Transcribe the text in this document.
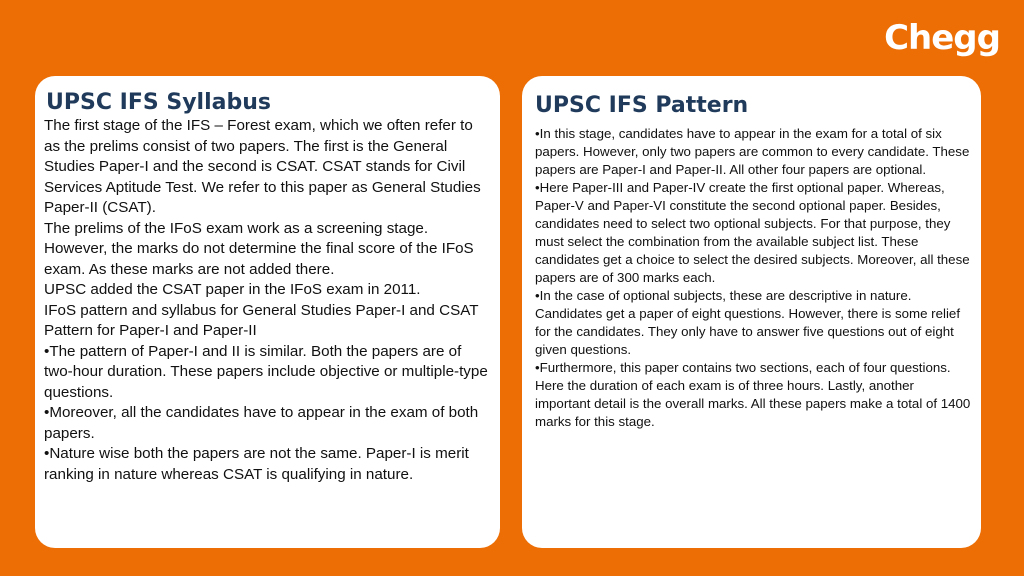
Chegg
UPSC IFS Syllabus

The first stage of the IFS – Forest exam, which we often refer to as the prelims consist of two papers. The first is the General Studies Paper-I and the second is CSAT. CSAT stands for Civil Services Aptitude Test. We refer to this paper as General Studies Paper-II (CSAT).

The prelims of the IFoS exam work as a screening stage. However, the marks do not determine the final score of the IFoS exam. As these marks are not added there.

UPSC added the CSAT paper in the IFoS exam in 2011.

IFoS pattern and syllabus for General Studies Paper-I and CSAT

Pattern for Paper-I and Paper-II

•The pattern of Paper-I and II is similar. Both the papers are of two-hour duration. These papers include objective or multiple-type questions.

•Moreover, all the candidates have to appear in the exam of both papers.

•Nature wise both the papers are not the same. Paper-I is merit ranking in nature whereas CSAT is qualifying in nature.

UPSC IFS Pattern

•In this stage, candidates have to appear in the exam for a total of six papers. However, only two papers are common to every candidate. These papers are Paper-I and Paper-II. All other four papers are optional.

•Here Paper-III and Paper-IV create the first optional paper. Whereas, Paper-V and Paper-VI constitute the second optional paper. Besides, candidates need to select two optional subjects. For that purpose, they must select the combination from the available subject list. These candidates get a choice to select the desired subjects. Moreover, all these papers are of 300 marks each.

•In the case of optional subjects, these are descriptive in nature. Candidates get a paper of eight questions. However, there is some relief for the candidates. They only have to answer five questions out of eight given questions.

•Furthermore, this paper contains two sections, each of four questions. Here the duration of each exam is of three hours. Lastly, another important detail is the overall marks. All these papers make a total of 1400 marks for this stage.
